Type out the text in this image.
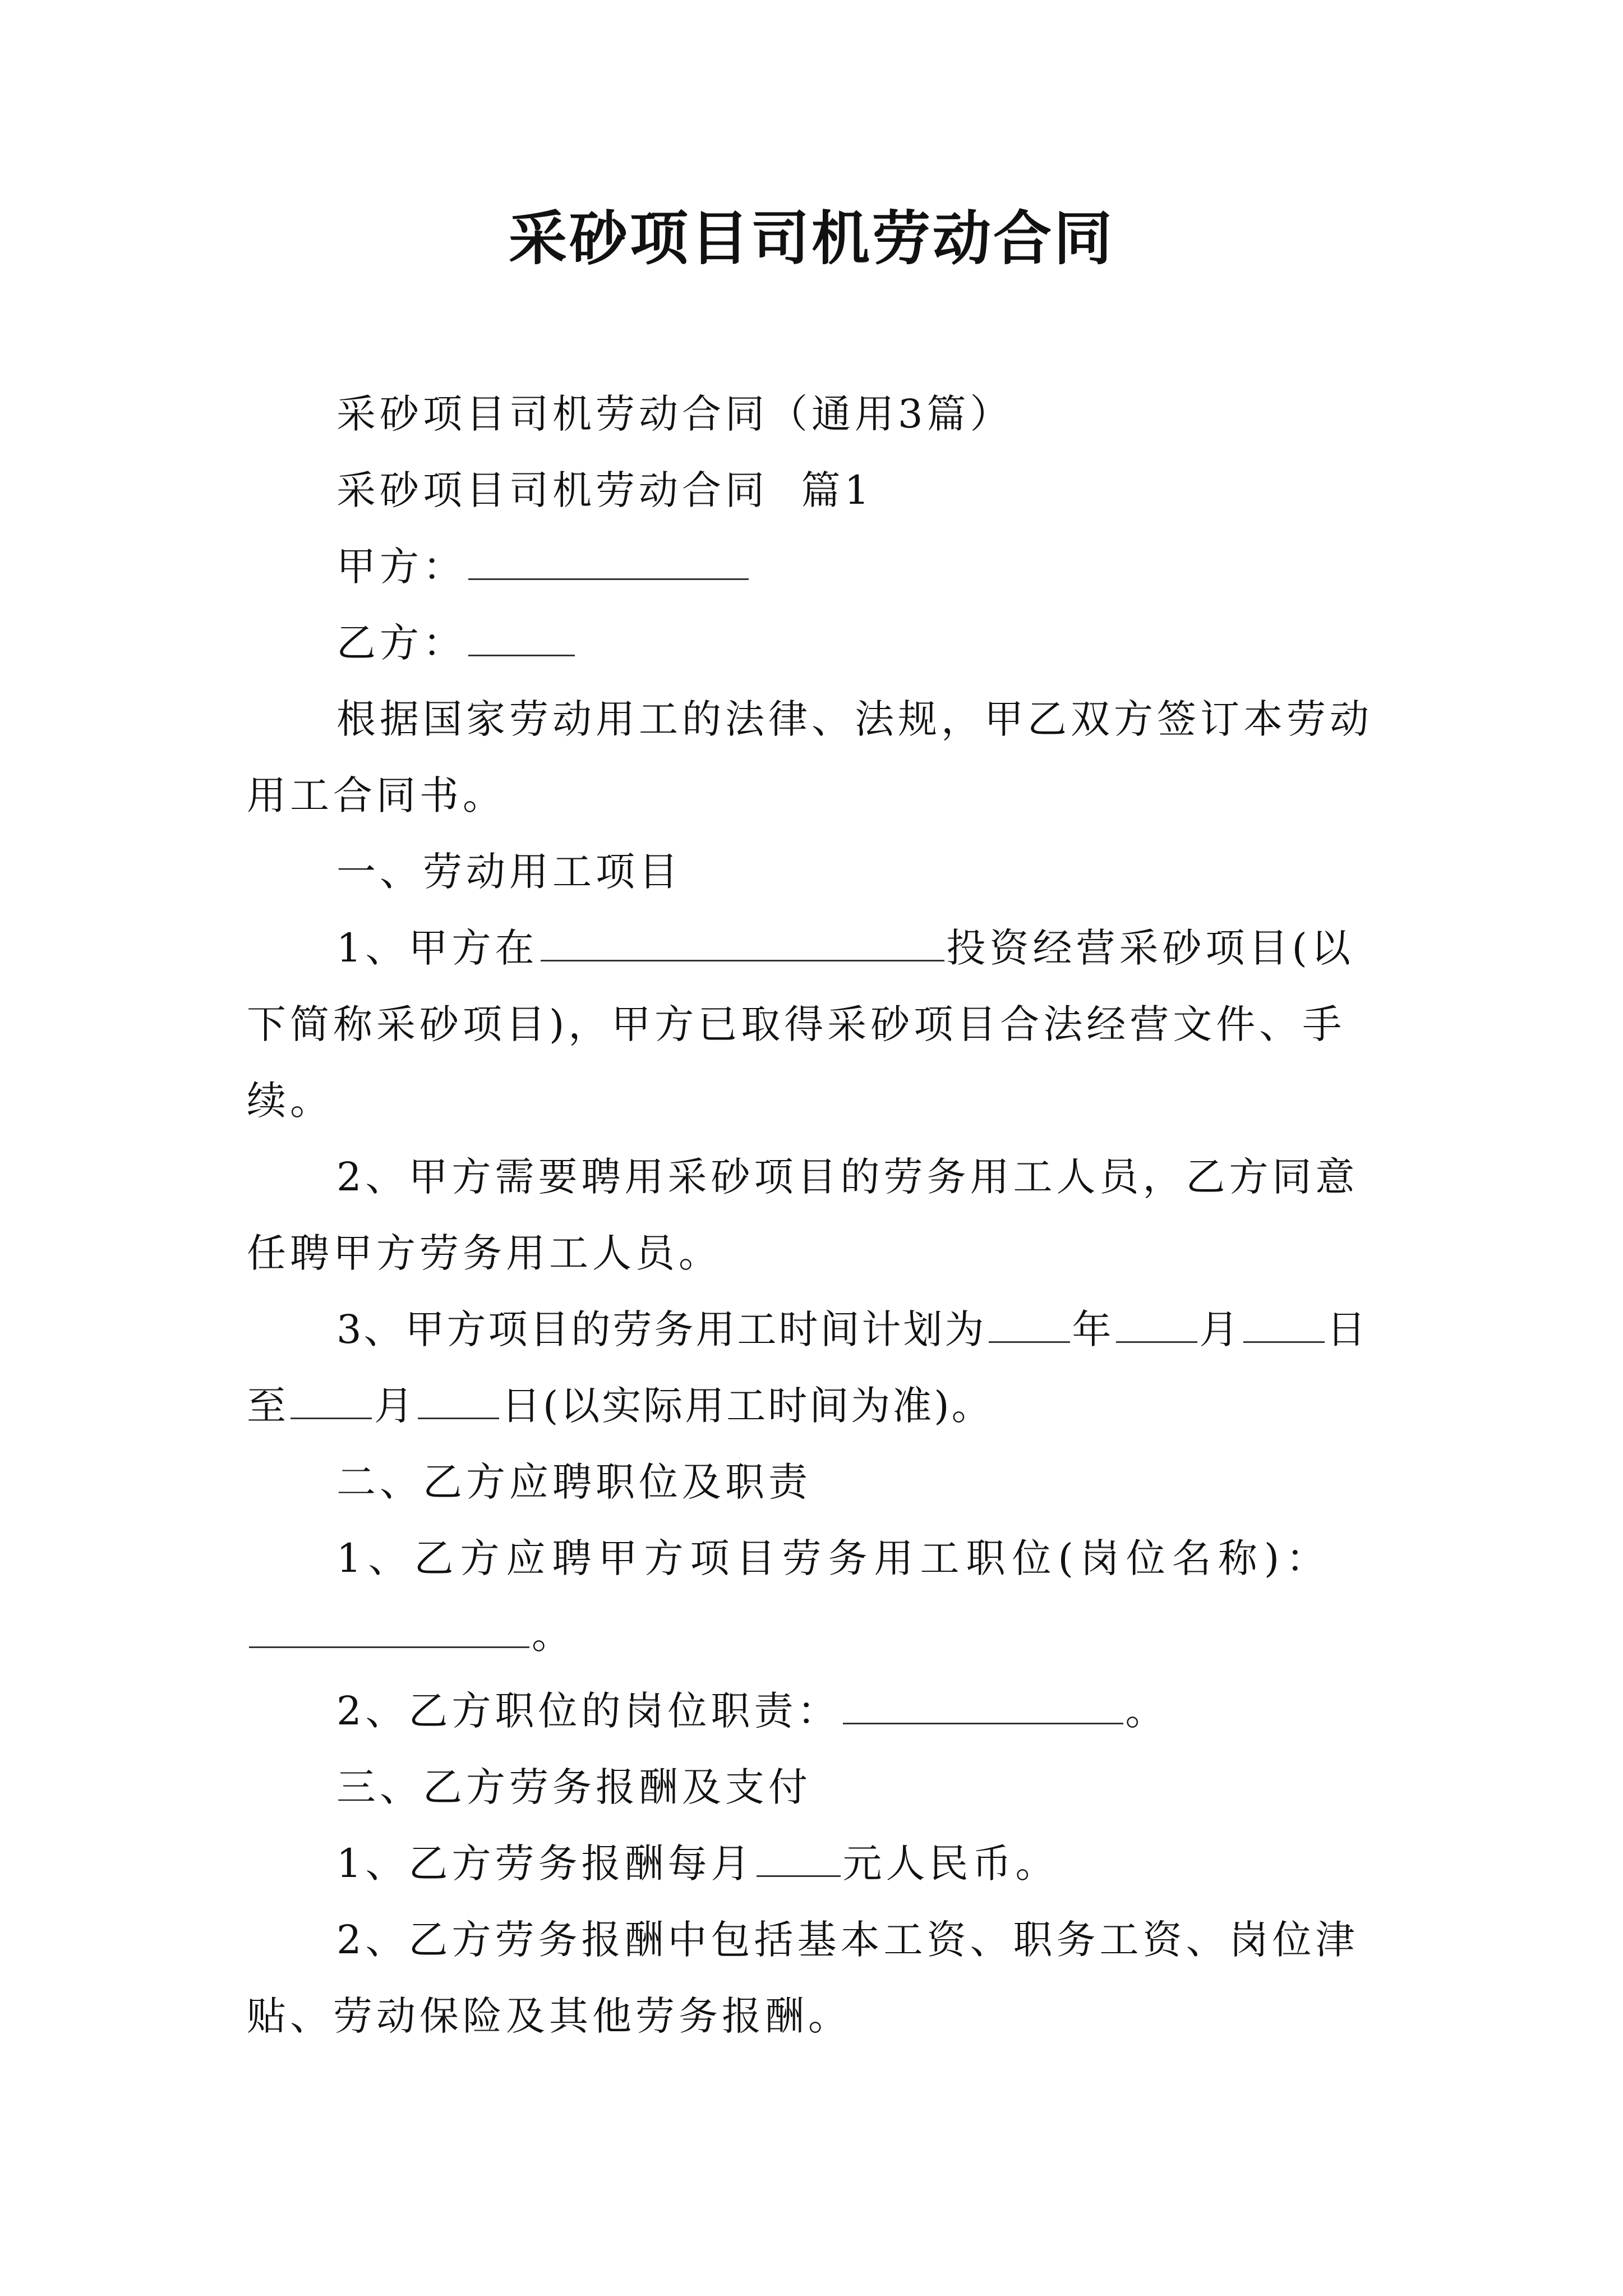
采砂项目司机劳动合同

采砂项目司机劳动合同（通用3篇）

采砂项目司机劳动合同  篇1

甲方：

乙方：

根据国家劳动用工的法律、法规，甲乙双方签订本劳动用工合同书。

一、劳动用工项目

1、甲方在	投资经营采砂项目(以下简称采砂项目)，甲方已取得采砂项目合法经营文件、手续。

2、甲方需要聘用采砂项目的劳务用工人员，乙方同意任聘甲方劳务用工人员。

3、甲方项目的劳务用工时间计划为 年 月 日至 月 日(以实际用工时间为准)。

二、乙方应聘职位及职责

1、乙方应聘甲方项目劳务用工职位(岗位名称)：。

2、乙方职位的岗位职责：	。

三、乙方劳务报酬及支付

1、乙方劳务报酬每月 元人民币。

2、乙方劳务报酬中包括基本工资、职务工资、岗位津贴、劳动保险及其他劳务报酬。
